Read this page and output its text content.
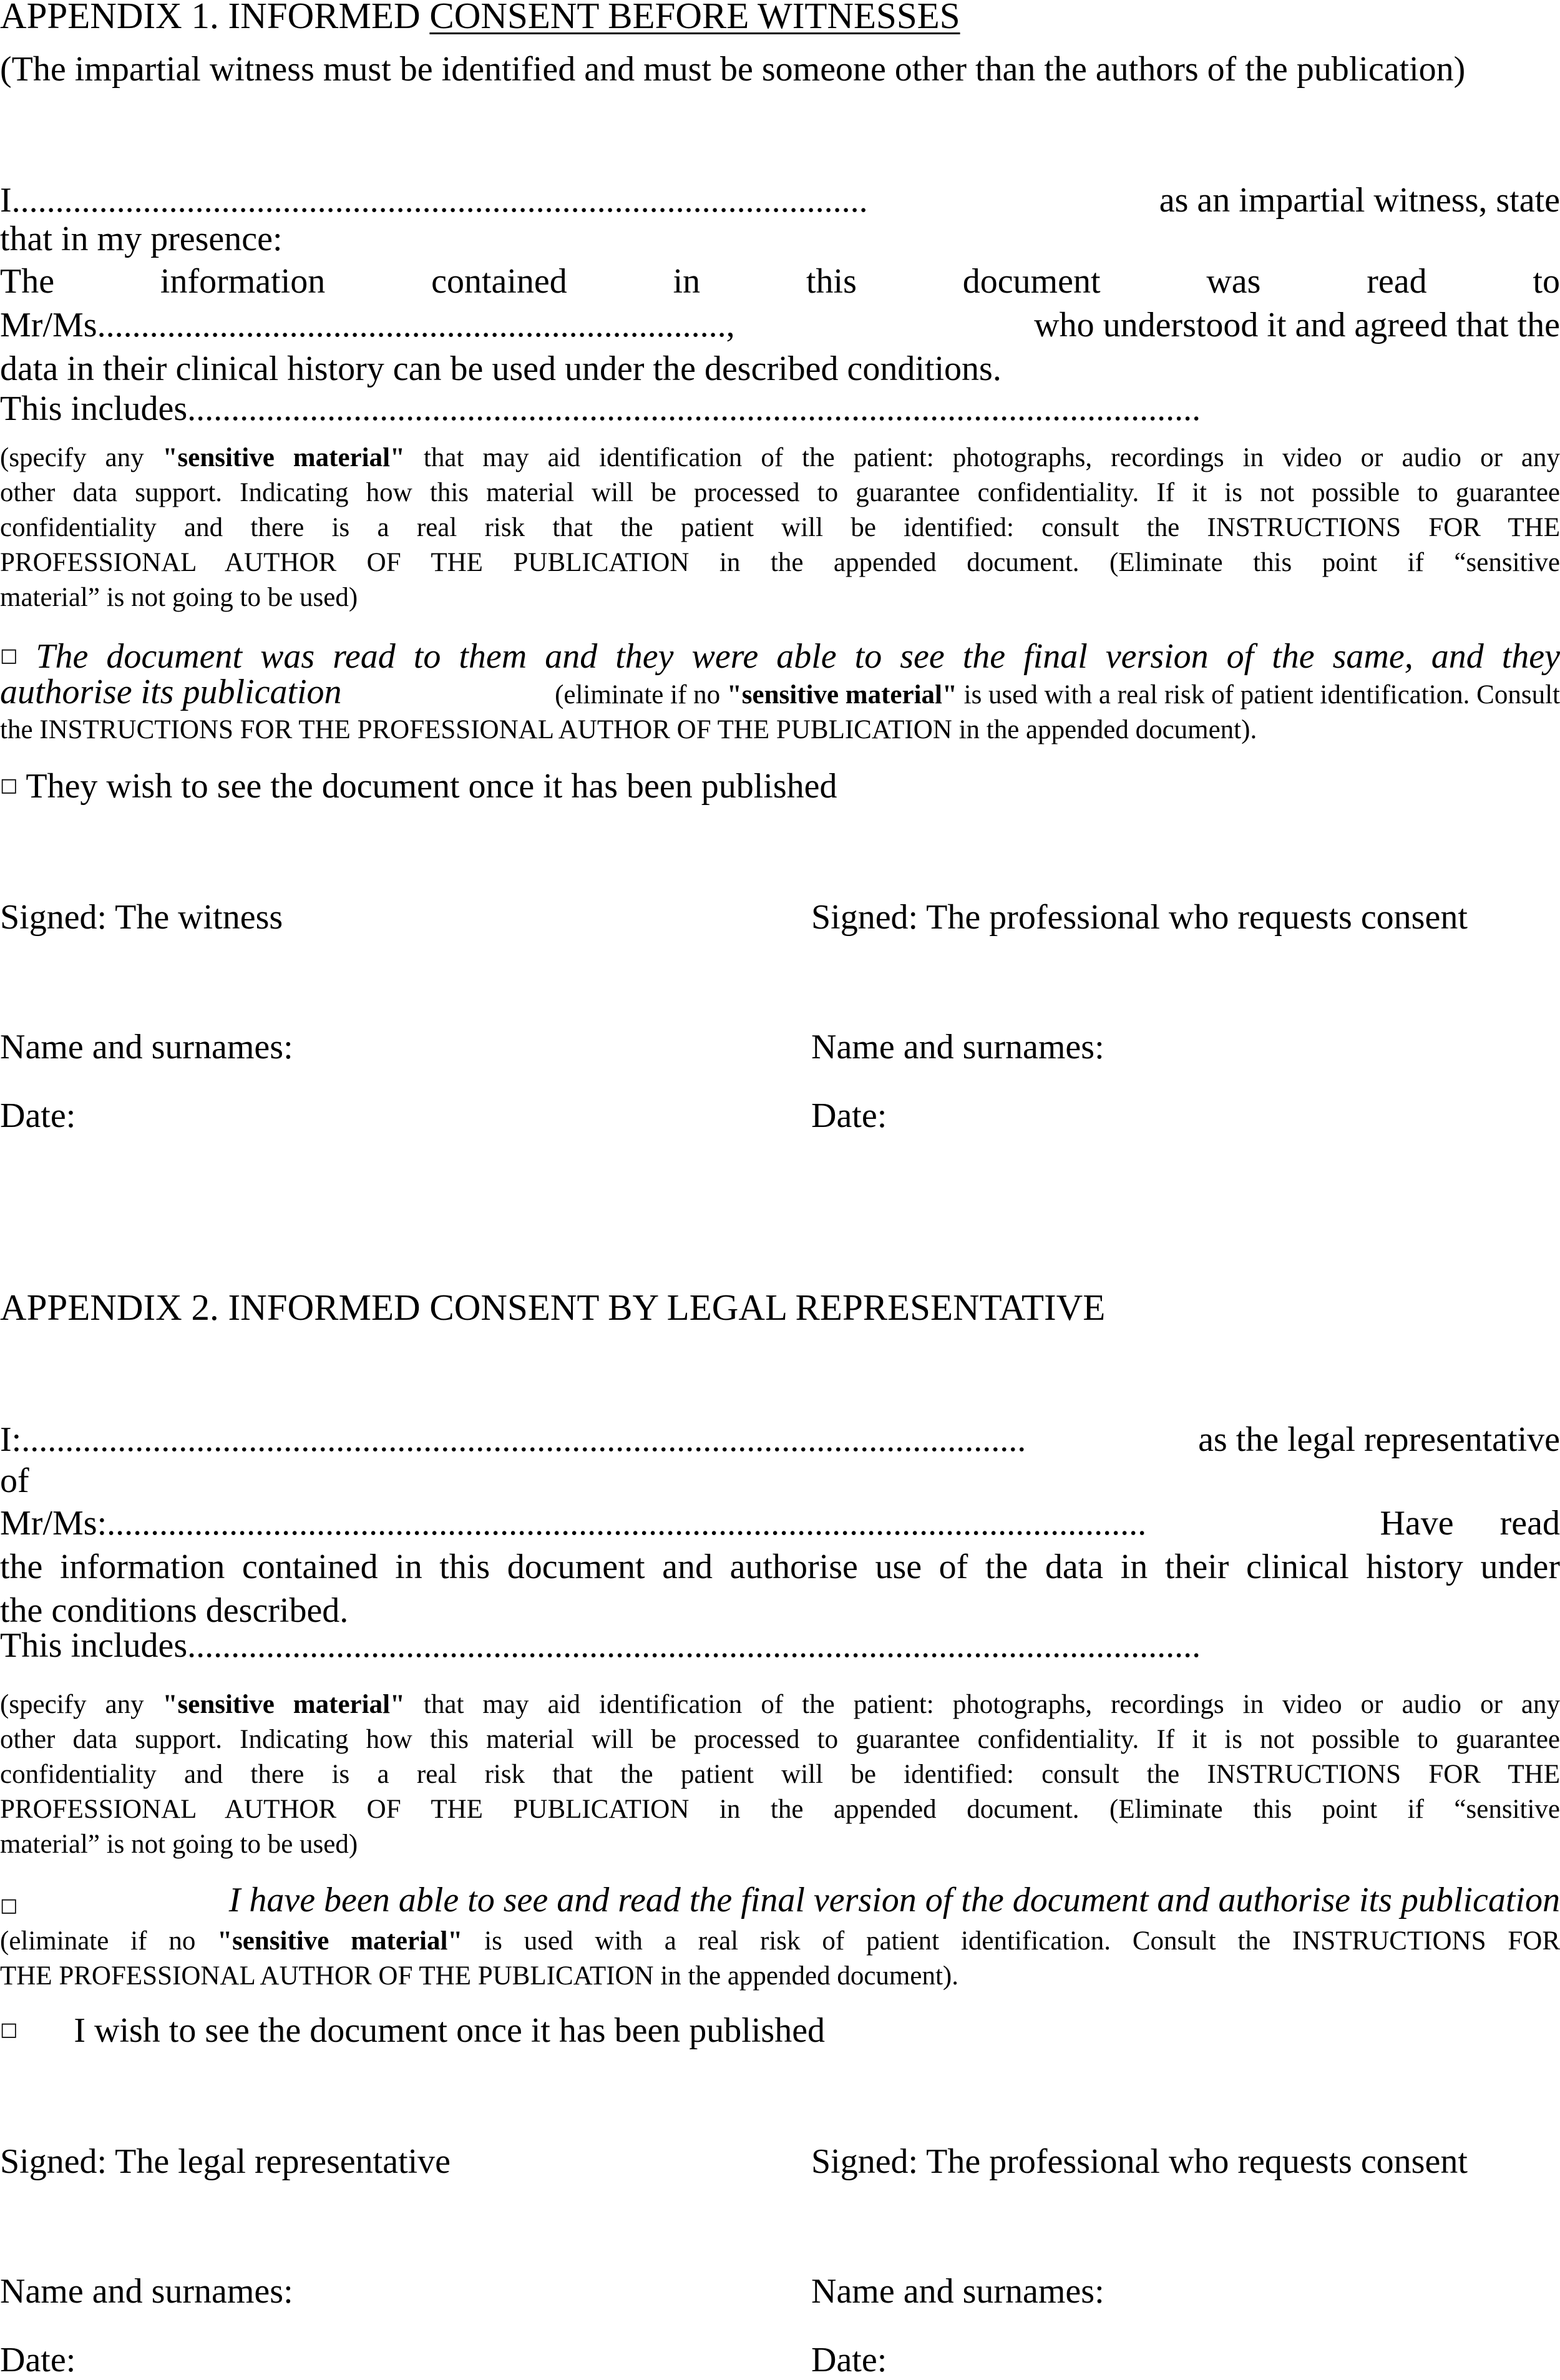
APPENDIX 1. INFORMED CONSENT BEFORE WITNESSES
(The impartial witness must be identified and must be someone other than the authors of the publication)
I..................................................................................................	as an impartial witness, state
that in my presence:
The information contained in this document was read to
Mr/Ms........................................................................,	who understood it and agreed that the
data in their clinical history can be used under the described conditions.
This includes....................................................................................................................
(specify any "sensitive material" that may aid identification of the patient: photographs, recordings in video or audio or any
other data support. Indicating how this material will be processed to guarantee confidentiality. If it is not possible to guarantee
confidentiality and there is a real risk that the patient will be identified: consult the INSTRUCTIONS FOR THE
PROFESSIONAL AUTHOR OF THE PUBLICATION in the appended document. (Eliminate this point if “sensitive
material” is not going to be used)
□ The document was read to them and they were able to see the final version of the same, and they
authorise its publication	(eliminate if no "sensitive material" is used with a real risk of patient identification. Consult
the INSTRUCTIONS FOR THE PROFESSIONAL AUTHOR OF THE PUBLICATION in the appended document).
□ They wish to see the document once it has been published
Signed: The witness	Signed: The professional who requests consent
Name and surnames:	Name and surnames:
Date:	Date:
APPENDIX 2. INFORMED CONSENT BY LEGAL REPRESENTATIVE
I:...................................................................................................................	as the legal representative
of
Mr/Ms:.......................................................................................................................	Have read
the information contained in this document and authorise use of the data in their clinical history under
the conditions described.
This includes....................................................................................................................
(specify any "sensitive material" that may aid identification of the patient: photographs, recordings in video or audio or any
other data support. Indicating how this material will be processed to guarantee confidentiality. If it is not possible to guarantee
confidentiality and there is a real risk that the patient will be identified: consult the INSTRUCTIONS FOR THE
PROFESSIONAL AUTHOR OF THE PUBLICATION in the appended document. (Eliminate this point if “sensitive
material” is not going to be used)
□	I have been able to see and read the final version of the document and authorise its publication
(eliminate if no "sensitive material" is used with a real risk of patient identification. Consult the INSTRUCTIONS FOR
THE PROFESSIONAL AUTHOR OF THE PUBLICATION in the appended document).
□ I wish to see the document once it has been published
Signed: The legal representative	Signed: The professional who requests consent
Name and surnames:	Name and surnames:
Date:	Date:
